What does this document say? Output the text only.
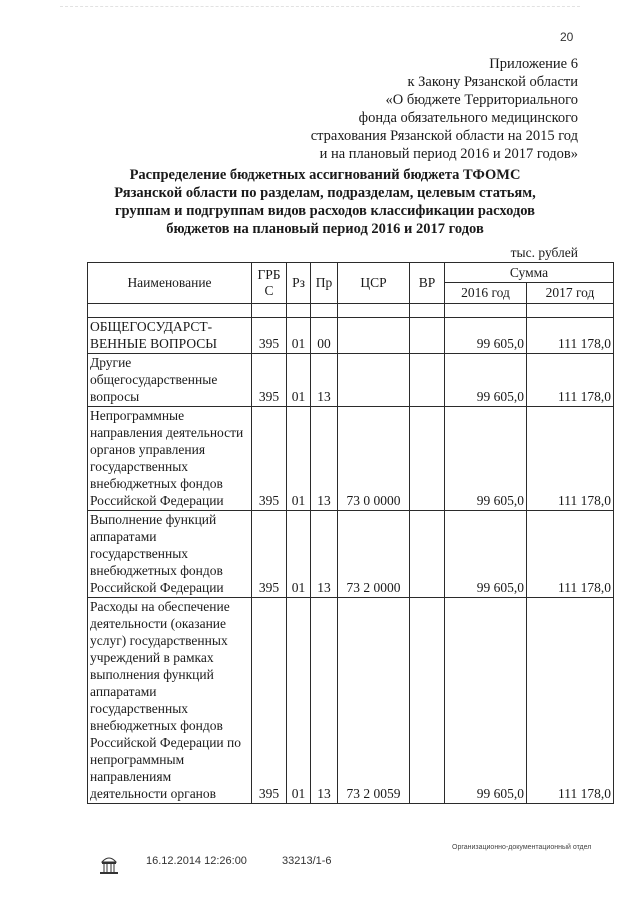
20
Приложение 6
к Закону Рязанской области
«О бюджете Территориального
фонда обязательного медицинского
страхования Рязанской области на 2015 год
и на плановый период 2016 и 2017 годов»
Распределение бюджетных ассигнований бюджета ТФОМС
Рязанской области по разделам, подразделам, целевым статьям,
группам и подгруппам видов расходов классификации расходов
бюджетов на плановый период 2016 и 2017 годов
тыс. рублей
Наименование	ГРБ С	Рз	Пр	ЦСР	ВР	Сумма	
						2016 год	2017 год

ОБЩЕГОСУДАРСТ-ВЕННЫЕ ВОПРОСЫ	395	01	00			99 605,0	111 178,0
Другие общегосударственные вопросы	395	01	13			99 605,0	111 178,0
Непрограммные направления деятельности органов управления государственных внебюджетных фондов Российской Федерации	395	01	13	73 0 0000		99 605,0	111 178,0
Выполнение функций аппаратами государственных внебюджетных фондов Российской Федерации	395	01	13	73 2 0000		99 605,0	111 178,0
Расходы на обеспечение деятельности (оказание услуг) государственных учреждений в рамках выполнения функций аппаратами государственных внебюджетных фондов Российской Федерации по непрограммным направлениям деятельности органов	395	01	13	73 2 0059		99 605,0	111 178,0
16.12.2014 12:26:00	33213/1-6
Организационно-документационный отдел
